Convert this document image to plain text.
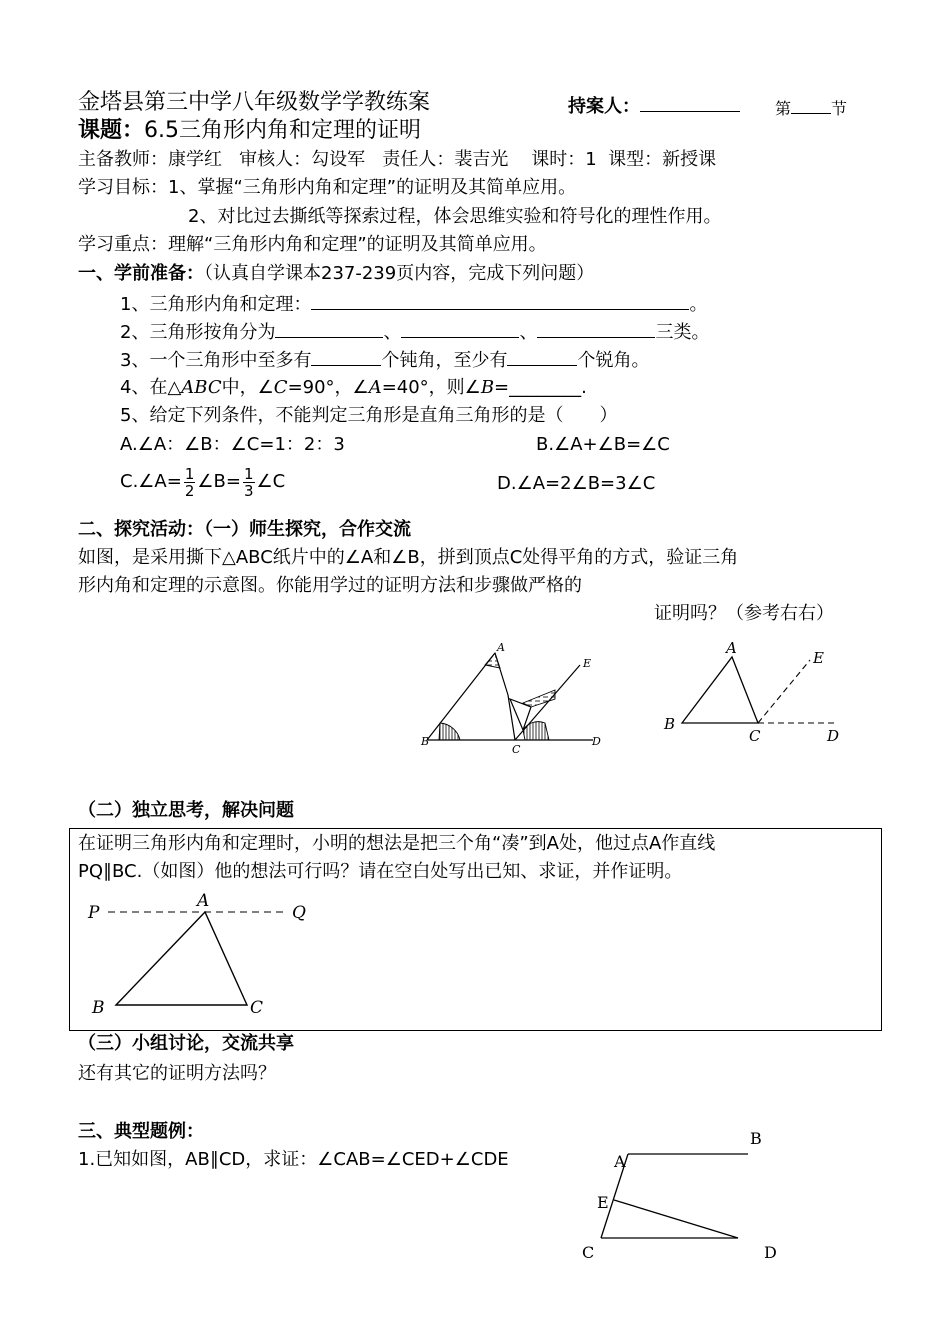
金塔县第三中学八年级数学学教练案	持案人：	第	节
课题：6.5三角形内角和定理的证明
主备教师：康学红 审核人：勾设军 责任人：裴吉光 课时：1 课型：新授课
学习目标：1、掌握“三角形内角和定理”的证明及其简单应用。
2、对比过去撕纸等探索过程，体会思维实验和符号化的理性作用。
学习重点：理解“三角形内角和定理”的证明及其简单应用。
一、学前准备：（认真自学课本237-239页内容，完成下列问题）
1、三角形内角和定理：	。
2、三角形按角分为	、	、	三类。
3、一个三角形中至多有	个钝角，至少有	个锐角。
4、在△ABC中，∠C=90°，∠A=40°，则∠B=________.
5、给定下列条件，不能判定三角形是直角三角形的是（　　）
A.∠A：∠B：∠C=1：2：3	B.∠A+∠B=∠C
C.∠A= $\frac{1}{2}$ ∠B= $\frac{1}{3}$ ∠C	D.∠A=2∠B=3∠C
二、探究活动：（一）师生探究，合作交流
如图，是采用撕下△ABC纸片中的∠A和∠B，拼到顶点C处得平角的方式，验证三角
形内角和定理的示意图。你能用学过的证明方法和步骤做严格的
证明吗？（参考右右）
A
E
B
C
D
A
E
B
C	D
（二）独立思考，解决问题
在证明三角形内角和定理时，小明的想法是把三个角“凑”到A处，他过点A作直线
PQ∥BC.（如图）他的想法可行吗？请在空白处写出已知、求证，并作证明。
P
A
Q
B	C
（三）小组讨论，交流共享
还有其它的证明方法吗？
三、典型题例：
1.已知如图，AB∥CD，求证：∠CAB=∠CED+∠CDE	A
B
E
C	D
